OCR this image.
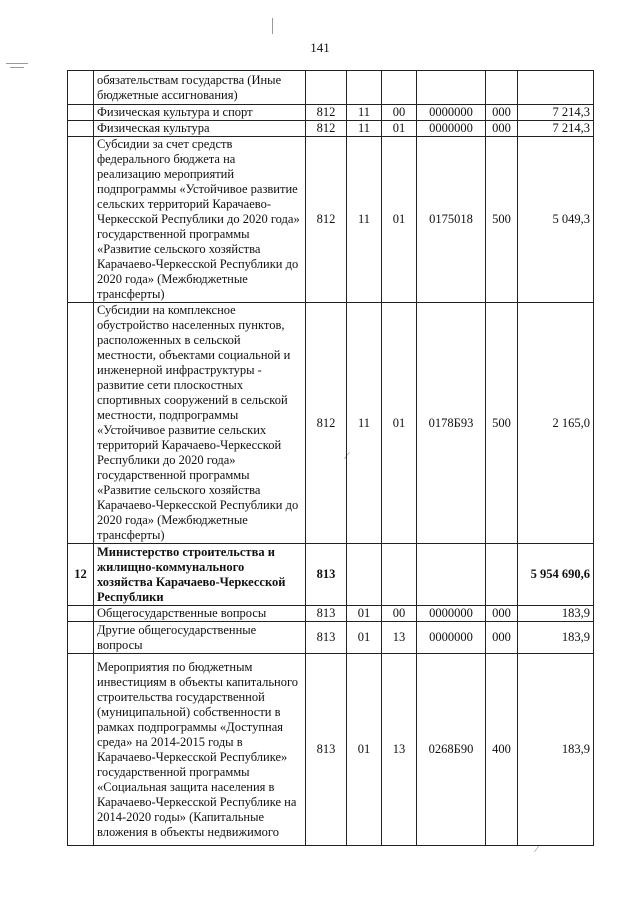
141
⁄
⁄
	обязательствам государства (Иные бюджетные ассигнования)						
	Физическая культура и спорт	812	11	00	0000000	000	7 214,3
	Физическая культура	812	11	01	0000000	000	7 214,3
	Субсидии за счет средств федерального бюджета на реализацию мероприятий подпрограммы «Устойчивое развитие сельских территорий Карачаево-Черкесской Республики до 2020 года» государственной программы «Развитие сельского хозяйства Карачаево-Черкесской Республики до 2020 года» (Межбюджетные трансферты)	812	11	01	0175018	500	5 049,3
	Субсидии на комплексное обустройство населенных пунктов, расположенных в сельской местности, объектами социальной и инженерной инфраструктуры - развитие сети плоскостных спортивных сооружений в сельской местности, подпрограммы «Устойчивое развитие сельских территорий Карачаево-Черкесской Республики до 2020 года» государственной программы «Развитие сельского хозяйства Карачаево-Черкесской Республики до 2020 года» (Межбюджетные трансферты)	812	11	01	0178Б93	500	2 165,0
12	Министерство строительства и жилищно-коммунального хозяйства Карачаево-Черкесской Республики	813					5 954 690,6
	Общегосударственные вопросы	813	01	00	0000000	000	183,9
	Другие общегосударственные вопросы	813	01	13	0000000	000	183,9
	Мероприятия по бюджетным инвестициям в объекты капитального строительства государственной (муниципальной) собственности в рамках подпрограммы «Доступная среда» на 2014-2015 годы в Карачаево-Черкесской Республике» государственной программы «Социальная защита населения в Карачаево-Черкесской Республике на 2014-2020 годы» (Капитальные вложения в объекты недвижимого	813	01	13	0268Б90	400	183,9
